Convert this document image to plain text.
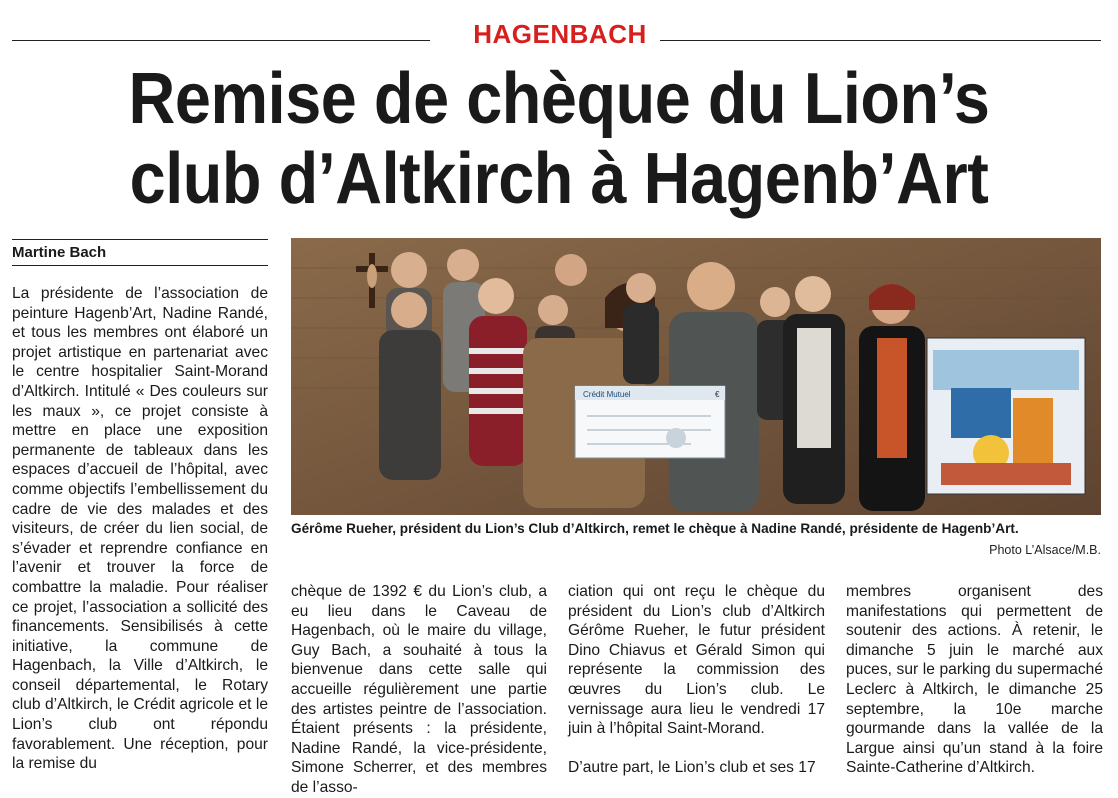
HAGENBACH
Remise de chèque du Lion’s
club d’Altkirch à Hagenb’Art
Martine Bach

La présidente de l’association de peinture Hagenb’Art, Nadine Randé, et tous les membres ont élaboré un projet artistique en partenariat avec le centre hospitalier Saint-Morand d’Altkirch. Intitulé « Des couleurs sur les maux », ce projet consiste à mettre en place une exposition permanente de tableaux dans les espaces d’accueil de l’hôpital, avec comme objectifs l’embellissement du cadre de vie des malades et des visiteurs, de créer du lien social, de s’évader et reprendre confiance en l’avenir et trouver la force de combattre la maladie. Pour réaliser ce projet, l’association a sollicité des financements. Sensibilisés à cette initiative, la commune de Hagenbach, la Ville d’Altkirch, le conseil départemental, le Rotary club d’Altkirch, le Crédit agricole et le Lion’s club ont répondu favorablement. Une réception, pour la remise du

Crédit Mutuel	€
Gérôme Rueher, président du Lion’s Club d’Altkirch, remet le chèque à Nadine Randé, présidente de Hagenb’Art.
Photo L’Alsace/M.B.

chèque de 1392 € du Lion’s club, a eu lieu dans le Caveau de Hagenbach, où le maire du village, Guy Bach, a souhaité à tous la bienvenue dans cette salle qui accueille régulièrement une partie des artistes peintre de l’association. Étaient présents : la présidente, Nadine Randé, la vice-présidente, Simone Scherrer, et des membres de l’asso-

ciation qui ont reçu le chèque du président du Lion’s club d’Altkirch Gérôme Rueher, le futur président Dino Chiavus et Gérald Simon qui représente la commission des œuvres du Lion’s club. Le vernissage aura lieu le vendredi 17 juin à l’hôpital Saint-Morand.

D’autre part, le Lion’s club et ses 17

membres organisent des manifestations qui permettent de soutenir des actions. À retenir, le dimanche 5 juin le marché aux puces, sur le parking du supermaché Leclerc à Altkirch, le dimanche 25 septembre, la 10e marche gourmande dans la vallée de la Largue ainsi qu’un stand à la foire Sainte-Catherine d’Altkirch.
